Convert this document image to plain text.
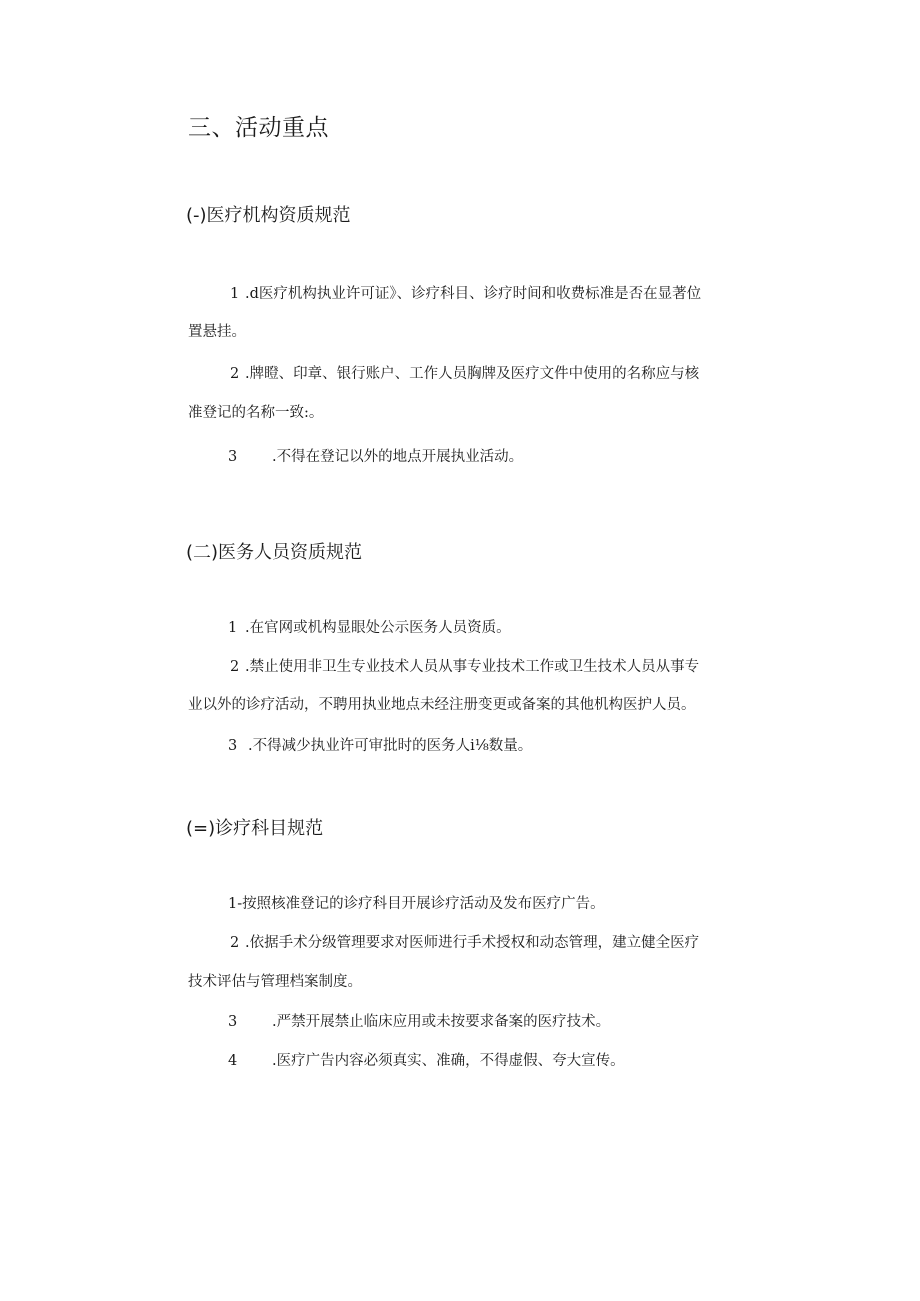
三、活动重点
(-)医疗机构资质规范
1 .d医疗机构执业许可证》、诊疗科目、诊疗时间和收费标准是否在显著位
置悬挂。
2 .牌瞪、印章、银行账户、工作人员胸牌及医疗文件中使用的名称应与核
准登记的名称一致:。
3 .不得在登记以外的地点开展执业活动。
(二)医务人员资质规范
1 .在官网或机构显眼处公示医务人员资质。
2 .禁止使用非卫生专业技术人员从事专业技术工作或卫生技术人员从事专
业以外的诊疗活动，不聘用执业地点未经注册变更或备案的其他机构医护人员。
3 .不得减少执业许可审批时的医务人i⅛数量。
(=)诊疗科目规范
1-按照核准登记的诊疗科目开展诊疗活动及发布医疗广告。
2 .依据手术分级管理要求对医师进行手术授权和动态管理，建立健全医疗
技术评估与管理档案制度。
3 .严禁开展禁止临床应用或未按要求备案的医疗技术。
4 .医疗广告内容必须真实、准确，不得虚假、夸大宣传。
